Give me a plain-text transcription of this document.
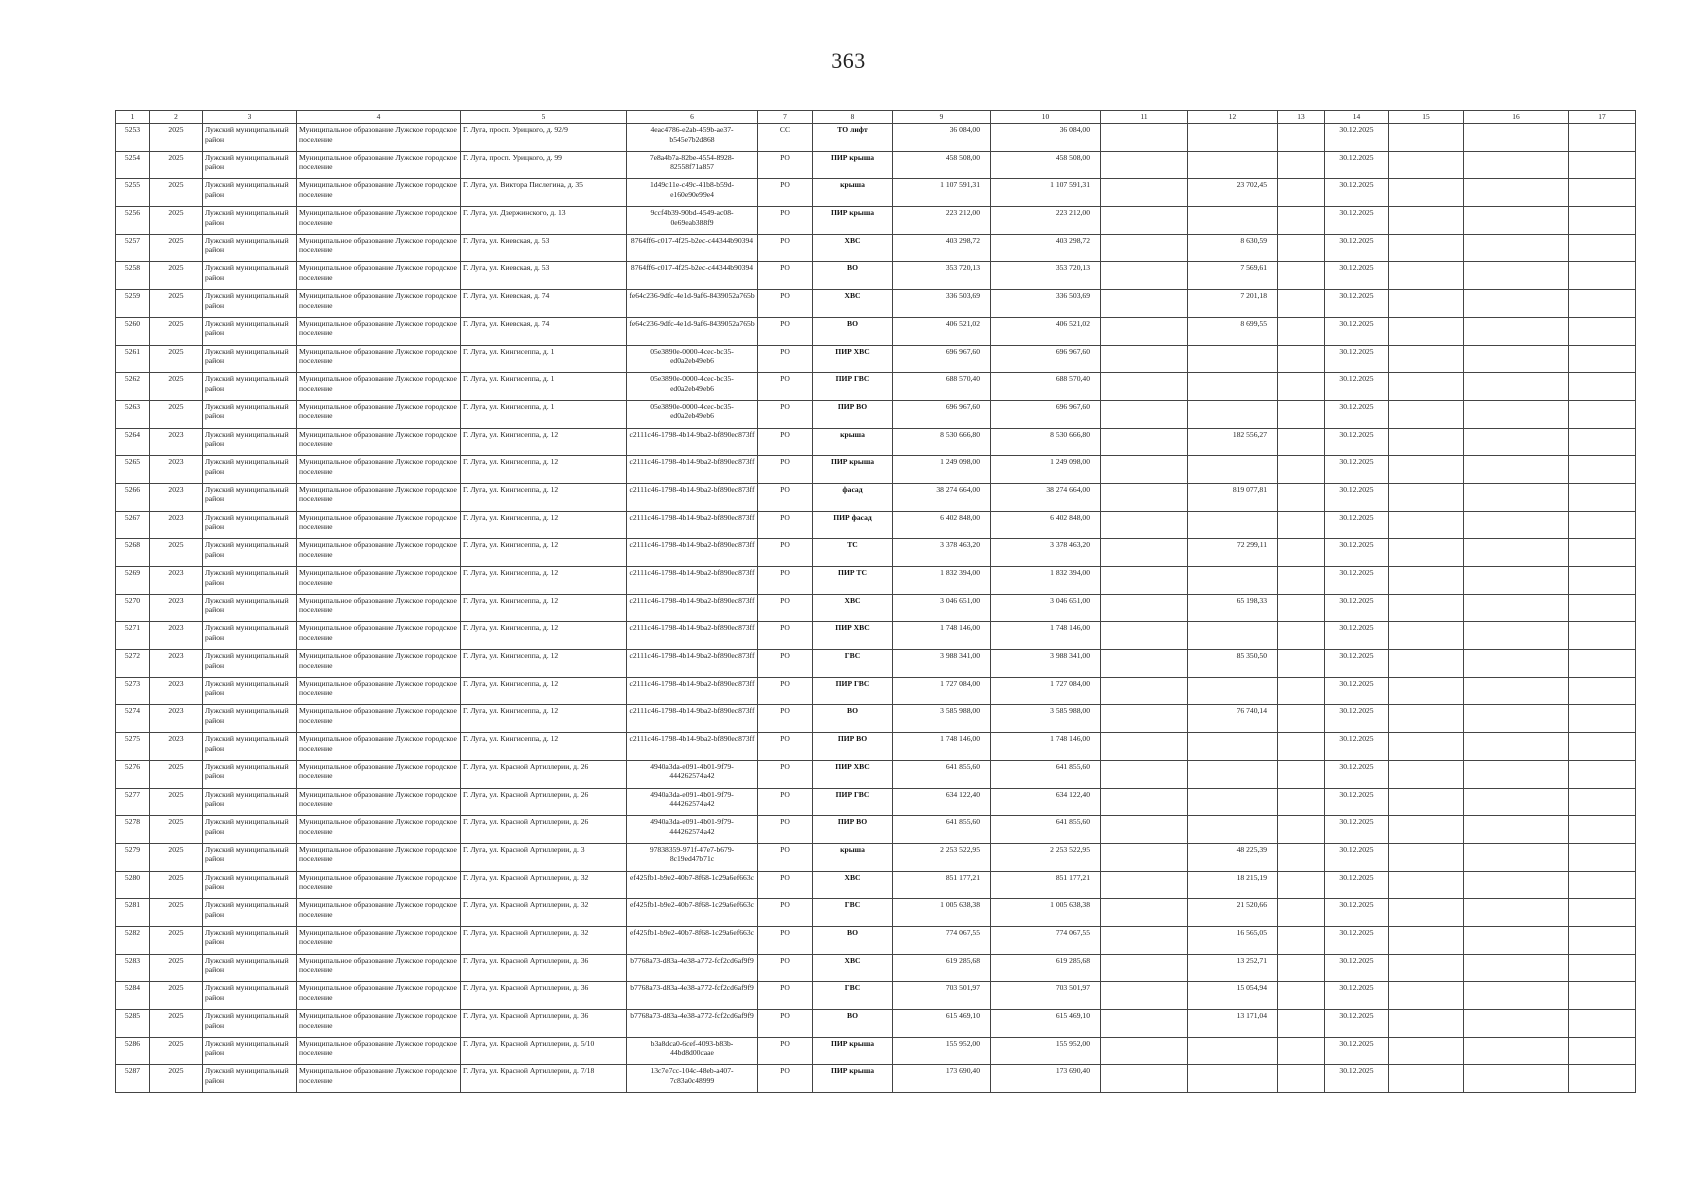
363
1	2	3	4	5	6	7	8	9	10	11	12	13	14	15	16	17
5253	2025	Лужский муниципальный район	Муниципальное образование Лужское городское поселение	Г. Луга, просп. Урицкого, д. 92/9	4eac4786-e2ab-459b-ae37-b545e7b2d868	СС	ТО лифт	36 084,00	36 084,00				30.12.2025			
5254	2025	Лужский муниципальный район	Муниципальное образование Лужское городское поселение	Г. Луга, просп. Урицкого, д. 99	7e8a4b7a-82be-4554-8928-82558f71a857	РО	ПИР крыша	458 508,00	458 508,00				30.12.2025			
5255	2025	Лужский муниципальный район	Муниципальное образование Лужское городское поселение	Г. Луга, ул. Виктора Пислегина, д. 35	1d49c11e-c49c-41b8-b59d-e160e90e99e4	РО	крыша	1 107 591,31	1 107 591,31		23 702,45		30.12.2025			
5256	2025	Лужский муниципальный район	Муниципальное образование Лужское городское поселение	Г. Луга, ул. Дзержинского, д. 13	9ccf4b39-90bd-4549-ac08-0e69eab388f9	РО	ПИР крыша	223 212,00	223 212,00				30.12.2025			
5257	2025	Лужский муниципальный район	Муниципальное образование Лужское городское поселение	Г. Луга, ул. Киевская, д. 53	8764ff6-c017-4f25-b2ec-c44344b90394	РО	ХВС	403 298,72	403 298,72		8 630,59		30.12.2025			
5258	2025	Лужский муниципальный район	Муниципальное образование Лужское городское поселение	Г. Луга, ул. Киевская, д. 53	8764ff6-c017-4f25-b2ec-c44344b90394	РО	ВО	353 720,13	353 720,13		7 569,61		30.12.2025			
5259	2025	Лужский муниципальный район	Муниципальное образование Лужское городское поселение	Г. Луга, ул. Киевская, д. 74	fe64c236-9dfc-4e1d-9af6-8439052a765b	РО	ХВС	336 503,69	336 503,69		7 201,18		30.12.2025			
5260	2025	Лужский муниципальный район	Муниципальное образование Лужское городское поселение	Г. Луга, ул. Киевская, д. 74	fe64c236-9dfc-4e1d-9af6-8439052a765b	РО	ВО	406 521,02	406 521,02		8 699,55		30.12.2025			
5261	2025	Лужский муниципальный район	Муниципальное образование Лужское городское поселение	Г. Луга, ул. Кингисеппа, д. 1	05e3890e-0000-4cec-bc35-ed0a2eb49eb6	РО	ПИР ХВС	696 967,60	696 967,60				30.12.2025			
5262	2025	Лужский муниципальный район	Муниципальное образование Лужское городское поселение	Г. Луга, ул. Кингисеппа, д. 1	05e3890e-0000-4cec-bc35-ed0a2eb49eb6	РО	ПИР ГВС	688 570,40	688 570,40				30.12.2025			
5263	2025	Лужский муниципальный район	Муниципальное образование Лужское городское поселение	Г. Луга, ул. Кингисеппа, д. 1	05e3890e-0000-4cec-bc35-ed0a2eb49eb6	РО	ПИР ВО	696 967,60	696 967,60				30.12.2025			
5264	2023	Лужский муниципальный район	Муниципальное образование Лужское городское поселение	Г. Луга, ул. Кингисеппа, д. 12	c2111c46-1798-4b14-9ba2-bf890ec873ff	РО	крыша	8 530 666,80	8 530 666,80		182 556,27		30.12.2025			
5265	2023	Лужский муниципальный район	Муниципальное образование Лужское городское поселение	Г. Луга, ул. Кингисеппа, д. 12	c2111c46-1798-4b14-9ba2-bf890ec873ff	РО	ПИР крыша	1 249 098,00	1 249 098,00				30.12.2025			
5266	2023	Лужский муниципальный район	Муниципальное образование Лужское городское поселение	Г. Луга, ул. Кингисеппа, д. 12	c2111c46-1798-4b14-9ba2-bf890ec873ff	РО	фасад	38 274 664,00	38 274 664,00		819 077,81		30.12.2025			
5267	2023	Лужский муниципальный район	Муниципальное образование Лужское городское поселение	Г. Луга, ул. Кингисеппа, д. 12	c2111c46-1798-4b14-9ba2-bf890ec873ff	РО	ПИР фасад	6 402 848,00	6 402 848,00				30.12.2025			
5268	2025	Лужский муниципальный район	Муниципальное образование Лужское городское поселение	Г. Луга, ул. Кингисеппа, д. 12	c2111c46-1798-4b14-9ba2-bf890ec873ff	РО	ТС	3 378 463,20	3 378 463,20		72 299,11		30.12.2025			
5269	2023	Лужский муниципальный район	Муниципальное образование Лужское городское поселение	Г. Луга, ул. Кингисеппа, д. 12	c2111c46-1798-4b14-9ba2-bf890ec873ff	РО	ПИР ТС	1 832 394,00	1 832 394,00				30.12.2025			
5270	2023	Лужский муниципальный район	Муниципальное образование Лужское городское поселение	Г. Луга, ул. Кингисеппа, д. 12	c2111c46-1798-4b14-9ba2-bf890ec873ff	РО	ХВС	3 046 651,00	3 046 651,00		65 198,33		30.12.2025			
5271	2023	Лужский муниципальный район	Муниципальное образование Лужское городское поселение	Г. Луга, ул. Кингисеппа, д. 12	c2111c46-1798-4b14-9ba2-bf890ec873ff	РО	ПИР ХВС	1 748 146,00	1 748 146,00				30.12.2025			
5272	2023	Лужский муниципальный район	Муниципальное образование Лужское городское поселение	Г. Луга, ул. Кингисеппа, д. 12	c2111c46-1798-4b14-9ba2-bf890ec873ff	РО	ГВС	3 988 341,00	3 988 341,00		85 350,50		30.12.2025			
5273	2023	Лужский муниципальный район	Муниципальное образование Лужское городское поселение	Г. Луга, ул. Кингисеппа, д. 12	c2111c46-1798-4b14-9ba2-bf890ec873ff	РО	ПИР ГВС	1 727 084,00	1 727 084,00				30.12.2025			
5274	2023	Лужский муниципальный район	Муниципальное образование Лужское городское поселение	Г. Луга, ул. Кингисеппа, д. 12	c2111c46-1798-4b14-9ba2-bf890ec873ff	РО	ВО	3 585 988,00	3 585 988,00		76 740,14		30.12.2025			
5275	2023	Лужский муниципальный район	Муниципальное образование Лужское городское поселение	Г. Луга, ул. Кингисеппа, д. 12	c2111c46-1798-4b14-9ba2-bf890ec873ff	РО	ПИР ВО	1 748 146,00	1 748 146,00				30.12.2025			
5276	2025	Лужский муниципальный район	Муниципальное образование Лужское городское поселение	Г. Луга, ул. Красной Артиллерии, д. 26	4940a3da-e091-4b01-9f79-444262574a42	РО	ПИР ХВС	641 855,60	641 855,60				30.12.2025			
5277	2025	Лужский муниципальный район	Муниципальное образование Лужское городское поселение	Г. Луга, ул. Красной Артиллерии, д. 26	4940a3da-e091-4b01-9f79-444262574a42	РО	ПИР ГВС	634 122,40	634 122,40				30.12.2025			
5278	2025	Лужский муниципальный район	Муниципальное образование Лужское городское поселение	Г. Луга, ул. Красной Артиллерии, д. 26	4940a3da-e091-4b01-9f79-444262574a42	РО	ПИР ВО	641 855,60	641 855,60				30.12.2025			
5279	2025	Лужский муниципальный район	Муниципальное образование Лужское городское поселение	Г. Луга, ул. Красной Артиллерии, д. 3	97838359-971f-47e7-b679-8c19ed47b71c	РО	крыша	2 253 522,95	2 253 522,95		48 225,39		30.12.2025			
5280	2025	Лужский муниципальный район	Муниципальное образование Лужское городское поселение	Г. Луга, ул. Красной Артиллерии, д. 32	ef425fb1-b9e2-40b7-8f68-1c29a6ef663c	РО	ХВС	851 177,21	851 177,21		18 215,19		30.12.2025			
5281	2025	Лужский муниципальный район	Муниципальное образование Лужское городское поселение	Г. Луга, ул. Красной Артиллерии, д. 32	ef425fb1-b9e2-40b7-8f68-1c29a6ef663c	РО	ГВС	1 005 638,38	1 005 638,38		21 520,66		30.12.2025			
5282	2025	Лужский муниципальный район	Муниципальное образование Лужское городское поселение	Г. Луга, ул. Красной Артиллерии, д. 32	ef425fb1-b9e2-40b7-8f68-1c29a6ef663c	РО	ВО	774 067,55	774 067,55		16 565,05		30.12.2025			
5283	2025	Лужский муниципальный район	Муниципальное образование Лужское городское поселение	Г. Луга, ул. Красной Артиллерии, д. 36	b7768a73-d83a-4e38-a772-fcf2cd6af9f9	РО	ХВС	619 285,68	619 285,68		13 252,71		30.12.2025			
5284	2025	Лужский муниципальный район	Муниципальное образование Лужское городское поселение	Г. Луга, ул. Красной Артиллерии, д. 36	b7768a73-d83a-4e38-a772-fcf2cd6af9f9	РО	ГВС	703 501,97	703 501,97		15 054,94		30.12.2025			
5285	2025	Лужский муниципальный район	Муниципальное образование Лужское городское поселение	Г. Луга, ул. Красной Артиллерии, д. 36	b7768a73-d83a-4e38-a772-fcf2cd6af9f9	РО	ВО	615 469,10	615 469,10		13 171,04		30.12.2025			
5286	2025	Лужский муниципальный район	Муниципальное образование Лужское городское поселение	Г. Луга, ул. Красной Артиллерии, д. 5/10	b3a8dca0-6cef-4093-b83b-44bd8d00caae	РО	ПИР крыша	155 952,00	155 952,00				30.12.2025			
5287	2025	Лужский муниципальный район	Муниципальное образование Лужское городское поселение	Г. Луга, ул. Красной Артиллерии, д. 7/18	13c7e7cc-104c-48eb-a407-7c83a0c48999	РО	ПИР крыша	173 690,40	173 690,40				30.12.2025			
